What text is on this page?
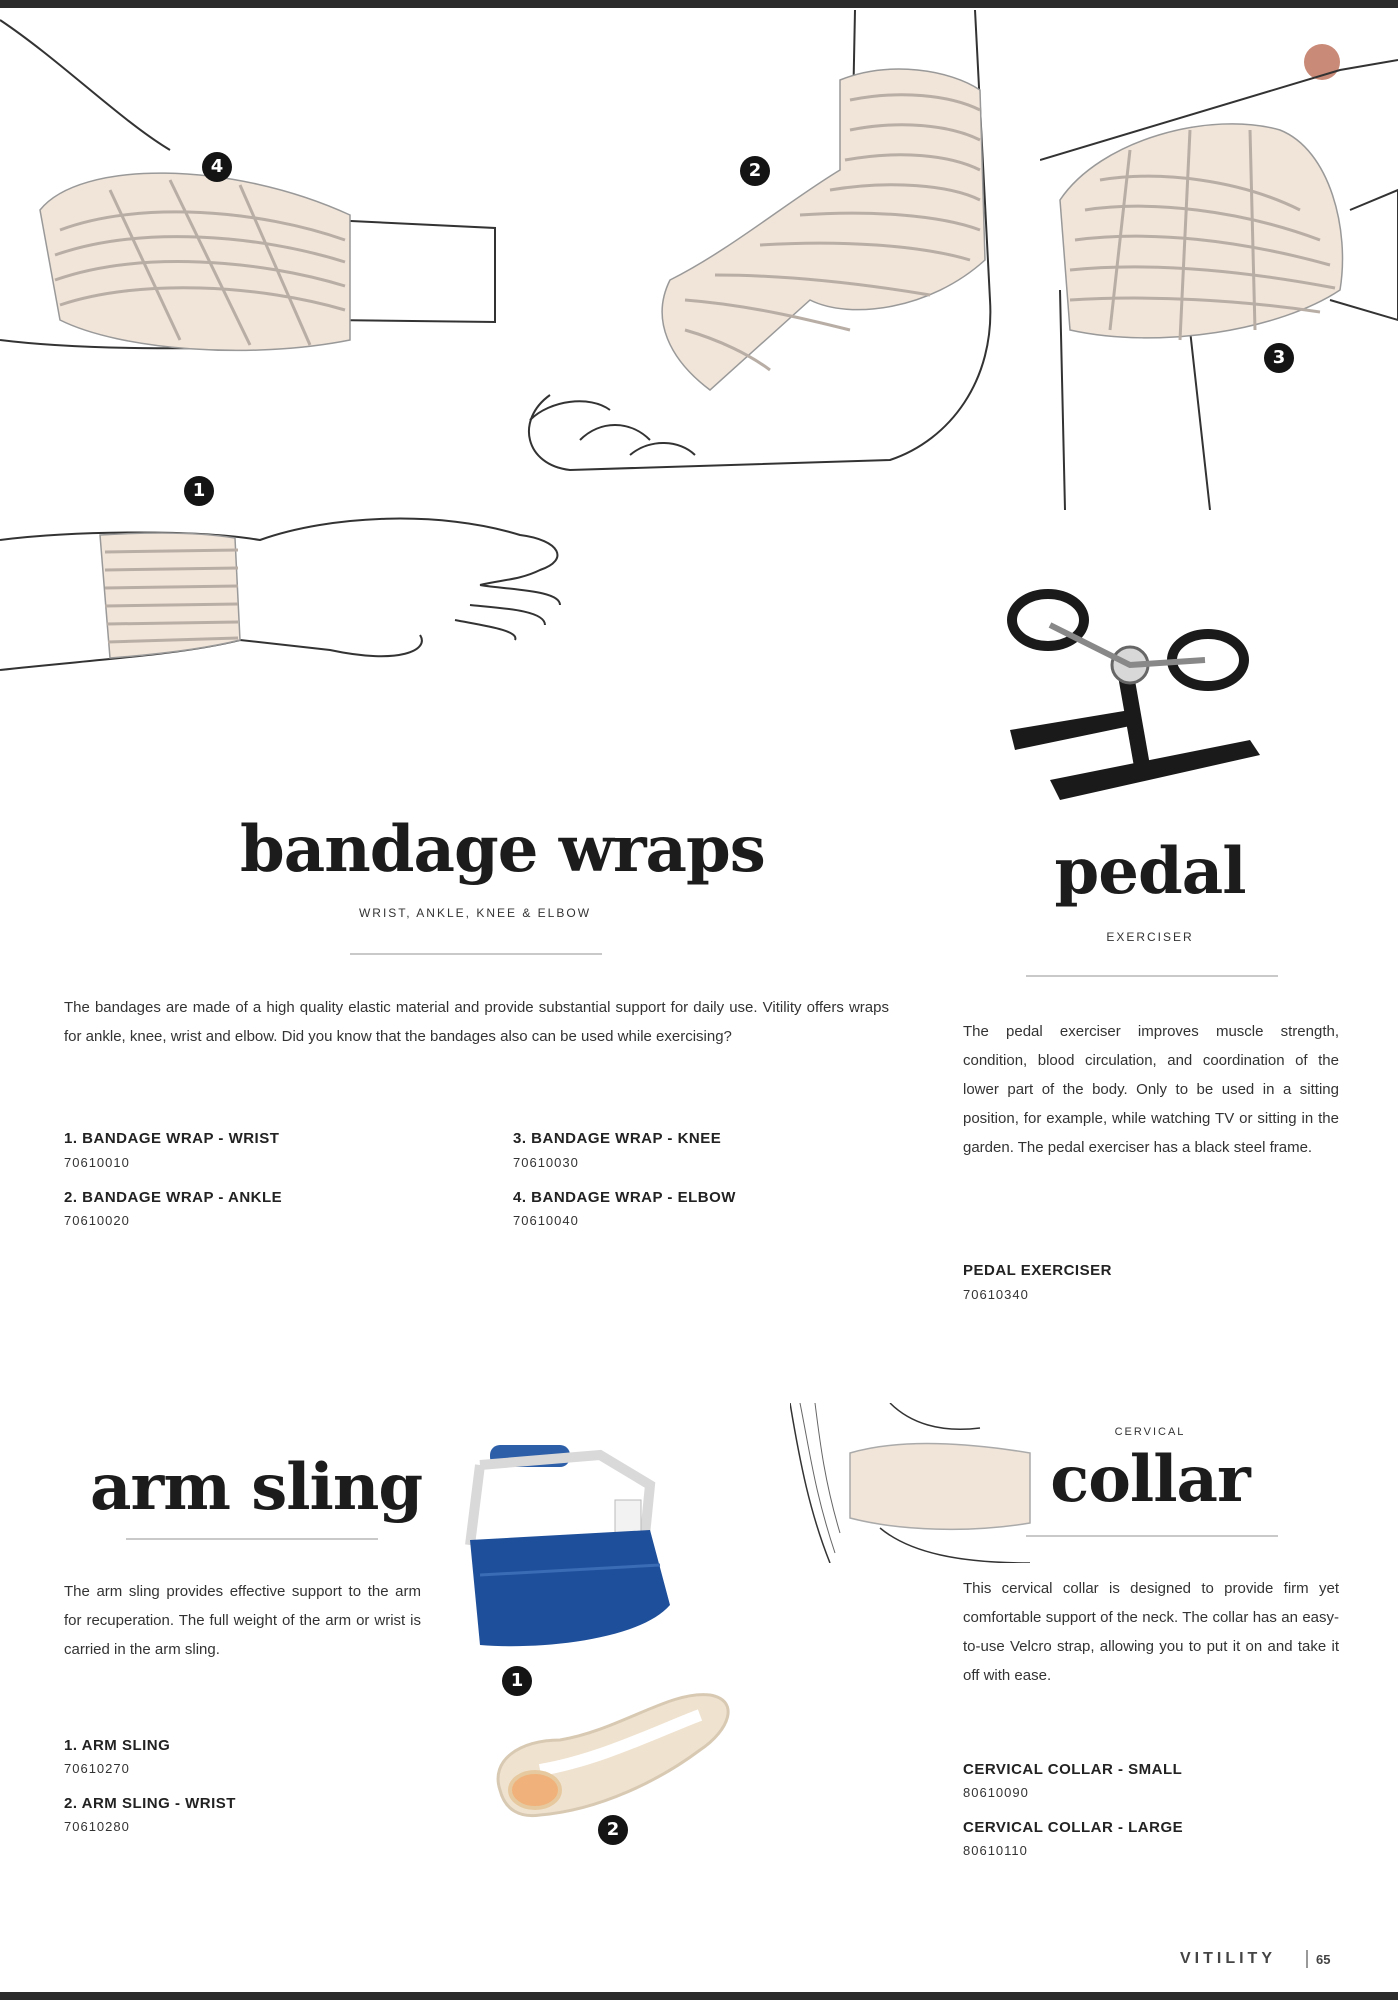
4	2
3
1
bandage wraps
WRIST, ANKLE, KNEE & ELBOW
The bandages are made of a high quality elastic material and provide substantial support for daily use. Vitility offers wraps for ankle, knee, wrist and elbow. Did you know that the bandages also can be used while exercising?
1. BANDAGE WRAP - WRIST
70610010
3. BANDAGE WRAP - KNEE
70610030
2. BANDAGE WRAP - ANKLE
70610020
4. BANDAGE WRAP - ELBOW
70610040
pedal
EXERCISER
The pedal exerciser improves muscle strength, condition, blood circulation, and coordination of the lower part of the body. Only to be used in a sitting position, for example, while watching TV or sitting in the garden. The pedal exerciser has a black steel frame.
PEDAL EXERCISER
70610340
arm sling
The arm sling provides effective support to the arm for recuperation. The full weight of the arm or wrist is carried in the arm sling.
1. ARM SLING
70610270
2. ARM SLING - WRIST
70610280
1
2
CERVICAL
collar
This cervical collar is designed to provide firm yet comfortable support of the neck. The collar has an easy-to-use Velcro strap, allowing you to put it on and take it off with ease.
CERVICAL COLLAR - SMALL
80610090
CERVICAL COLLAR - LARGE
80610110
VITILITY	65
